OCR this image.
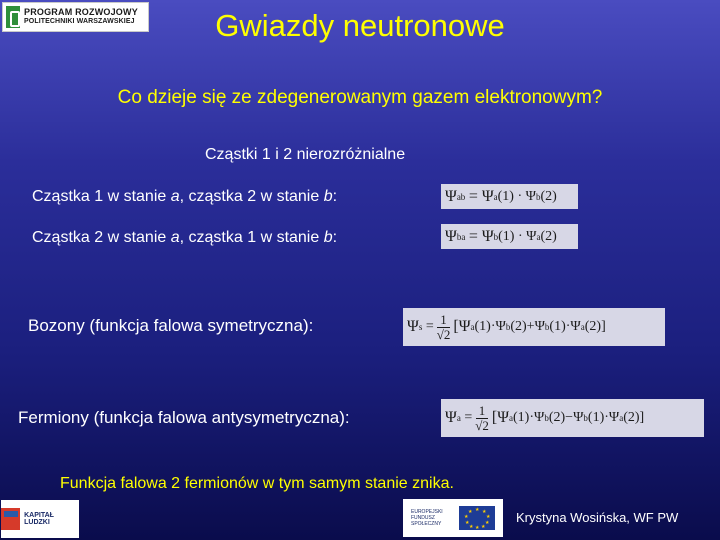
PROGRAM ROZWOJOWY
POLITECHNIKI WARSZAWSKIEJ	Gwiazdy neutronowe
Co dzieje się ze zdegenerowanym gazem elektronowym?
Cząstki 1 i 2 nierozróżnialne
Cząstka 1 w stanie a, cząstka 2 w stanie b:	Ψ ab
= Ψ a (1) · Ψ b (2)
Cząstka 2 w stanie a, cząstka 1 w stanie b:	Ψ ba
= Ψ b (1) · Ψ a (2)
Bozony (funkcja falowa symetryczna):	Ψ s
= $\frac{1}{√2} [\Psi$ a (1)·Ψ b (2) + Ψ b (1)·Ψ a (2)]
Fermiony (funkcja falowa antysymetryczna):	Ψ a
= $\frac{1}{√2} [\Psi$ a (1)·Ψ b (2) − Ψ b (1)·Ψ a (2)]
Funkcja falowa 2 fermionów w tym samym stanie znika.
KAPITAŁ LUDZKI
EUROPEJSKI FUNDUSZ SPOŁECZNY
★ ★
★
★
★
★
★
★
★
★	Krystyna Wosińska, WF PW
